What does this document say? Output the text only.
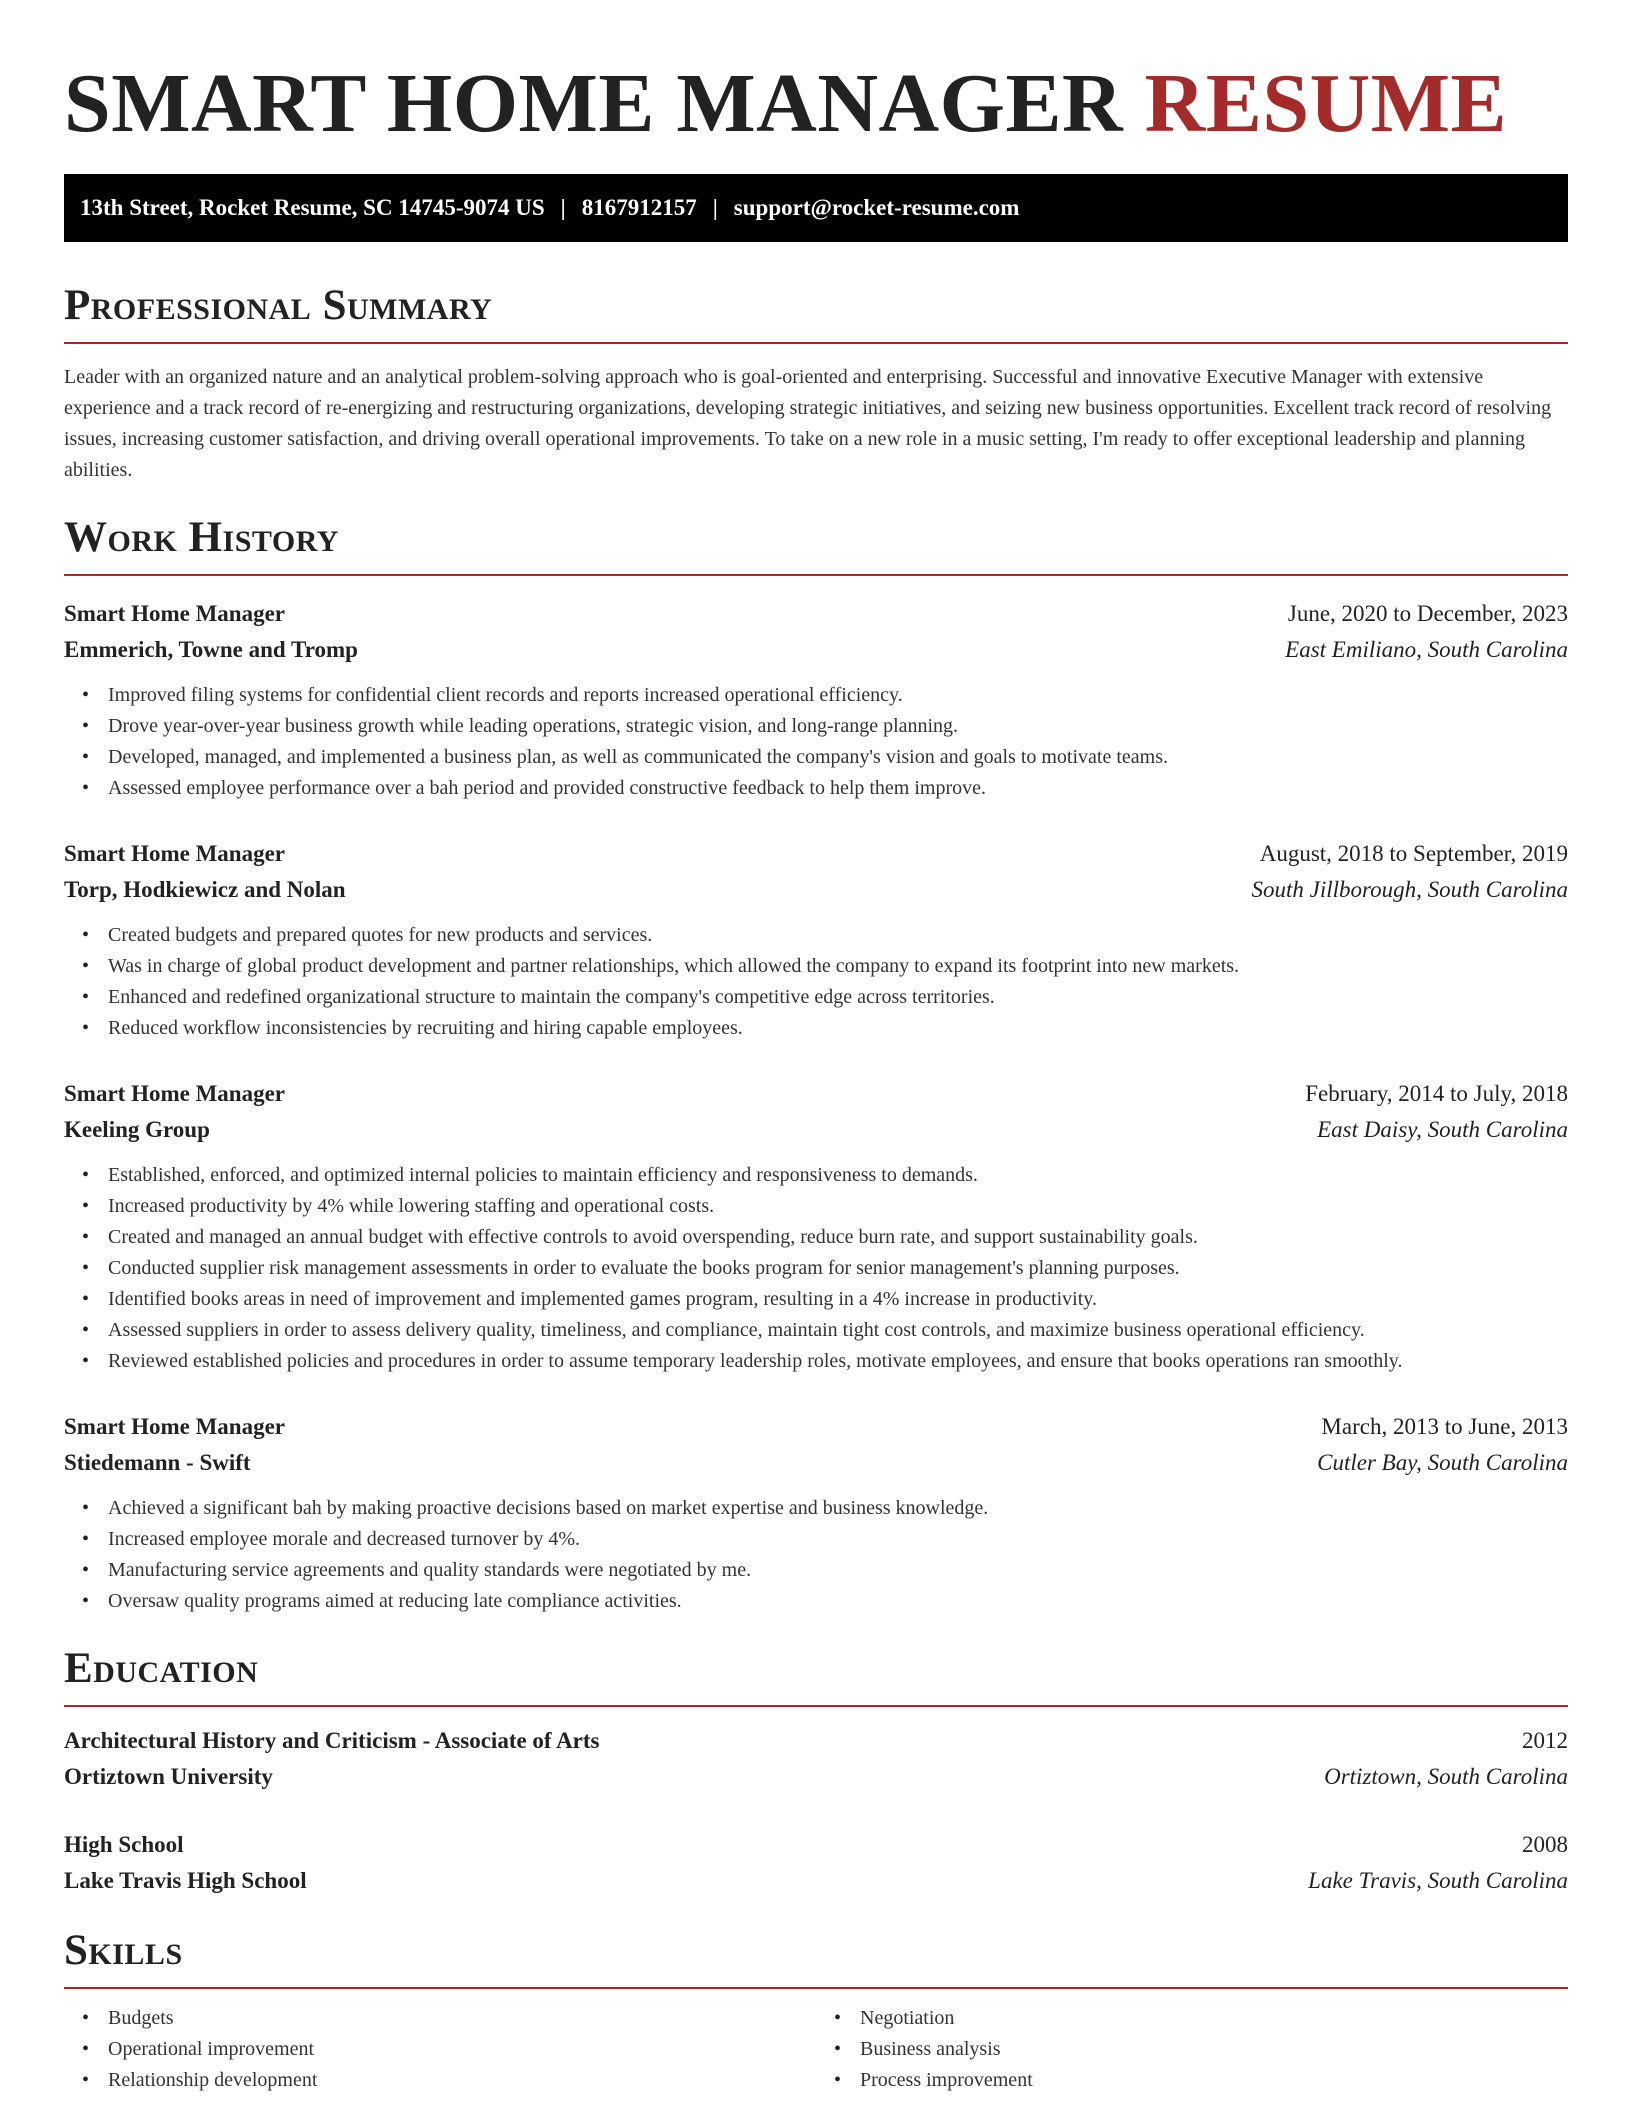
SMART HOME MANAGER RESUME
13th Street, Rocket Resume, SC 14745-9074 US | 8167912157 | support@rocket-resume.com
Professional Summary

Leader with an organized nature and an analytical problem-solving approach who is goal-oriented and enterprising. Successful and innovative Executive Manager with extensive experience and a track record of re-energizing and restructuring organizations, developing strategic initiatives, and seizing new business opportunities. Excellent track record of resolving issues, increasing customer satisfaction, and driving overall operational improvements. To take on a new role in a music setting, I'm ready to offer exceptional leadership and planning abilities.

Work History
Smart Home Manager	June, 2020 to December, 2023
Emmerich, Towne and Tromp	East Emiliano, South Carolina
• Improved filing systems for confidential client records and reports increased operational efficiency.
• Drove year-over-year business growth while leading operations, strategic vision, and long-range planning.
• Developed, managed, and implemented a business plan, as well as communicated the company's vision and goals to motivate teams.
• Assessed employee performance over a bah period and provided constructive feedback to help them improve.
Smart Home Manager	August, 2018 to September, 2019
Torp, Hodkiewicz and Nolan	South Jillborough, South Carolina
• Created budgets and prepared quotes for new products and services.
• Was in charge of global product development and partner relationships, which allowed the company to expand its footprint into new markets.
• Enhanced and redefined organizational structure to maintain the company's competitive edge across territories.
• Reduced workflow inconsistencies by recruiting and hiring capable employees.
Smart Home Manager	February, 2014 to July, 2018
Keeling Group	East Daisy, South Carolina
• Established, enforced, and optimized internal policies to maintain efficiency and responsiveness to demands.
• Increased productivity by 4% while lowering staffing and operational costs.
• Created and managed an annual budget with effective controls to avoid overspending, reduce burn rate, and support sustainability goals.
• Conducted supplier risk management assessments in order to evaluate the books program for senior management's planning purposes.
• Identified books areas in need of improvement and implemented games program, resulting in a 4% increase in productivity.
• Assessed suppliers in order to assess delivery quality, timeliness, and compliance, maintain tight cost controls, and maximize business operational efficiency.
• Reviewed established policies and procedures in order to assume temporary leadership roles, motivate employees, and ensure that books operations ran smoothly.
Smart Home Manager	March, 2013 to June, 2013
Stiedemann - Swift	Cutler Bay, South Carolina
• Achieved a significant bah by making proactive decisions based on market expertise and business knowledge.
• Increased employee morale and decreased turnover by 4%.
• Manufacturing service agreements and quality standards were negotiated by me.
• Oversaw quality programs aimed at reducing late compliance activities.
Education
Architectural History and Criticism - Associate of Arts	2012
Ortiztown University	Ortiztown, South Carolina
High School	2008
Lake Travis High School	Lake Travis, South Carolina
Skills
• Budgets
• Operational improvement
• Relationship development
• Negotiation
• Business analysis
• Process improvement
